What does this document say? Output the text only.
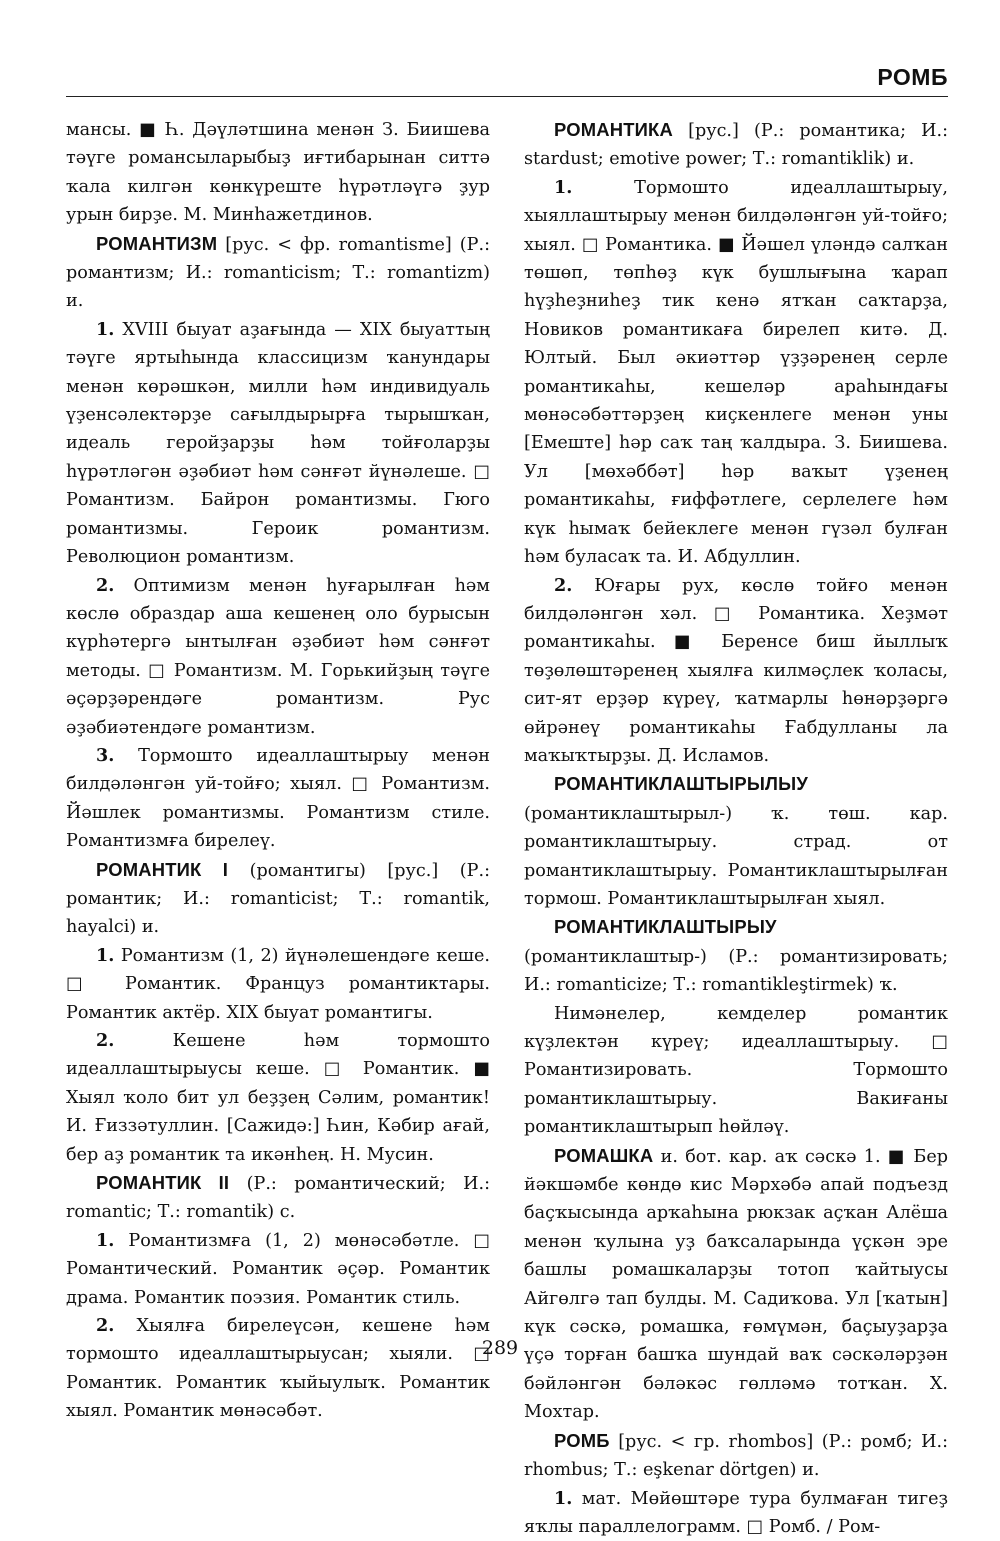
РОМБ

мансы. ■ Һ. Дәүләтшина менән З. Биишева тәүге романсыларыбыҙ иғтибарынан ситтә ҡала килгән көнкүреште һүрәтләүгә ҙур урын бирҙе. М. Минһажетдинов.

РОМАНТИЗМ [рус. < фр. romantisme] (Р.: романтизм; И.: romanticism; Т.: romantizm) и.

1. XVIII быуат аҙағында — XIX быуаттың тәүге яртыһында классицизм ҡанундары менән көрәшкән, милли һәм индивидуаль үҙенсәлектәрҙе сағылдырырға тырышҡан, идеаль геройҙарҙы һәм тойғоларҙы һүрәтләгән әҙәбиәт һәм сәнғәт йүнәлеше. □ Романтизм. Байрон романтизмы. Гюго романтизмы. Героик романтизм. Революцион романтизм.

2. Оптимизм менән һуғарылған һәм көслө образдар аша кешенең оло бурысын күрһәтергә ынтылған әҙәбиәт һәм сәнғәт методы. □ Романтизм. М. Горькийҙың тәүге әҫәрҙәрендәге романтизм. Рус әҙәбиәтендәге романтизм.

3. Тормошто идеаллаштырыу менән билдәләнгән уй-тойғо; хыял. □ Романтизм. Йәшлек романтизмы. Романтизм стиле. Романтизмға бирелеү.

РОМАНТИК I (романтигы) [рус.] (Р.: романтик; И.: romanticist; Т.: romantik, hayalci) и.

1. Романтизм (1, 2) йүнәлешендәге кеше. □ Романтик. Француз романтиктары. Романтик актёр. XIX быуат романтигы.

2. Кешене һәм тормошто идеаллаштырыусы кеше. □ Романтик. ■ Хыял ҡоло бит ул беҙҙең Сәлим, романтик! И. Ғиззәтуллин. [Сажидә:] Һин, Кәбир ағай, бер аҙ романтик та икәнһең. Н. Мусин.

РОМАНТИК II (Р.: романтический; И.: romantic; Т.: romantik) с.

1. Романтизмға (1, 2) мөнәсәбәтле. □ Романтический. Романтик әҫәр. Романтик драма. Романтик поэзия. Романтик стиль.

2. Хыялға бирелеүсән, кешене һәм тормошто идеаллаштырыусан; хыяли. □ Романтик. Романтик ҡыйыулыҡ. Романтик хыял. Романтик мөнәсәбәт.

РОМАНТИКА [рус.] (Р.: романтика; И.: stardust; emotive power; Т.: romantiklik) и.

1. Тормошто идеаллаштырыу, хыяллаштырыу менән билдәләнгән уй-тойғо; хыял. □ Романтика. ■ Йәшел үләндә салҡан төшөп, төпһөҙ күк бушлығына ҡарап һүҙһеҙниһеҙ тик кенә ятҡан саҡтарҙа, Новиков романтикаға бирелеп китә. Д. Юлтый. Был әкиәттәр үҙҙәренең серле романтикаһы, кешеләр араһындағы мөнәсәбәттәрҙең киҫкенлеге менән уны [Емеште] һәр саҡ таң ҡалдыра. З. Биишева. Ул [мөхәббәт] һәр ваҡыт үҙенең романтикаһы, ғиффәтлеге, серлелеге һәм күк һымаҡ бейеклеге менән гүзәл булған һәм буласаҡ та. И. Абдуллин.

2. Юғары рух, көслө тойғо менән билдәләнгән хәл. □ Романтика. Хеҙмәт романтикаһы. ■ Беренсе биш йыллыҡ төҙөлөштәренең хыялға килмәҫлек ҡоласы, сит-ят ерҙәр күреү, ҡатмарлы һөнәрҙәргә өйрәнеү романтикаһы Ғабдулланы ла маҡыҡтырҙы. Д. Исламов.

РОМАНТИКЛАШТЫРЫЛЫУ (романтиклаштырыл-) ҡ. төш. кар. романтиклаштырыу. страд. от романтиклаштырыу. Романтиклаштырылған тормош. Романтиклаштырылған хыял.

РОМАНТИКЛАШТЫРЫУ (романтиклаштыр-) (Р.: романтизировать; И.: romanticize; Т.: romantikleştirmek) ҡ.

Нимәнелер, кемделер романтик күҙлектән күреү; идеаллаштырыу. □ Романтизировать. Тормошто романтиклаштырыу. Вакиғаны романтиклаштырып һөйләү.

РОМАШКА и. бот. кар. аҡ сәскә 1. ■ Бер йәкшәмбе көндө кис Мәрхәбә апай подъезд баҫҡысында арҡаһына рюкзак аҫҡан Алёша менән ҡулына уҙ баҡсаларында үҫкән эре башлы ромашкаларҙы тотоп ҡайтыусы Айгөлгә тап булды. М. Садиҡова. Ул [ҡатын] күк сәскә, ромашка, ғөмүмән, баҫыуҙарҙа үҫә торған башҡа шундай ваҡ сәскәләрҙән бәйләнгән бәләкәс гөлләмә тотҡан. Х. Мохтар.

РОМБ [рус. < гр. rhombos] (Р.: ромб; И.: rhombus; Т.: eşkenar dörtgen) и.

1. мат. Мөйөштәре тура булмаған тигеҙ яҡлы параллелограмм. □ Ромб. / Ром-

289
